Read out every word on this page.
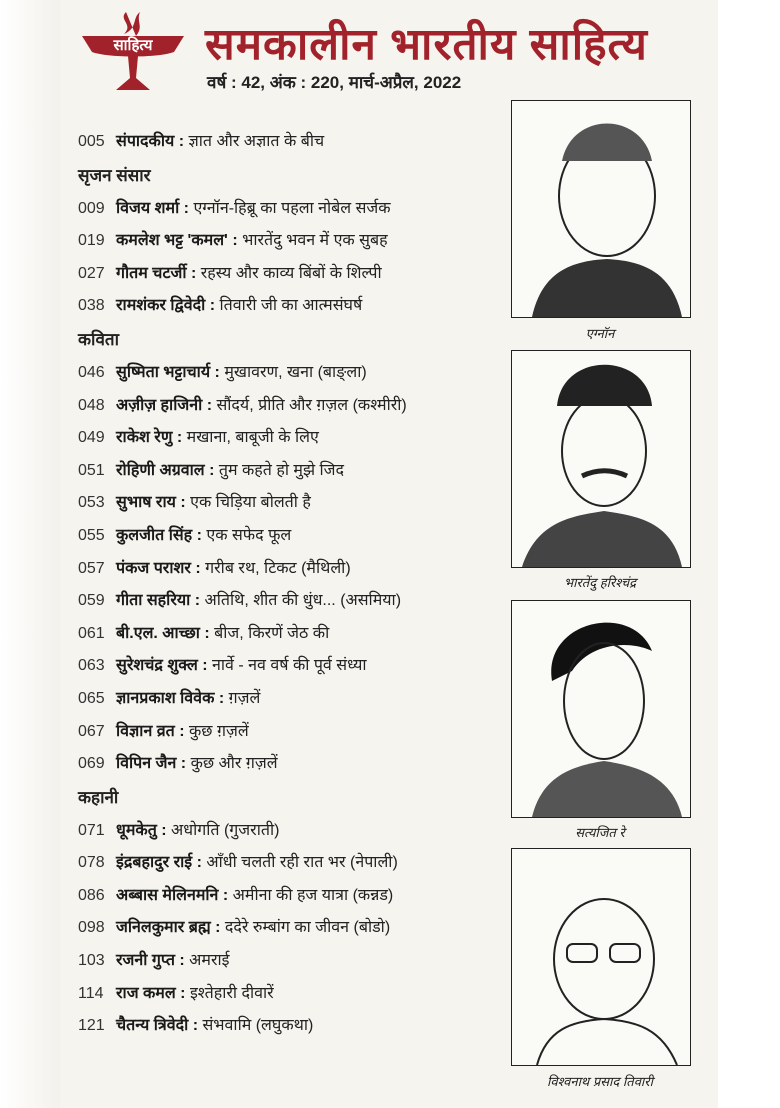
साहित्य समकालीन भारतीय साहित्य
वर्ष : 42, अंक : 220, मार्च-अप्रैल, 2022
005 संपादकीय : ज्ञात और अज्ञात के बीच
सृजन संसार
009 विजय शर्मा : एग्नॉन-हिब्रू का पहला नोबेल सर्जक
019 कमलेश भट्ट 'कमल' : भारतेंदु भवन में एक सुबह
027 गौतम चटर्जी : रहस्य और काव्य बिंबों के शिल्पी
038 रामशंकर द्विवेदी : तिवारी जी का आत्मसंघर्ष
कविता
046 सुष्मिता भट्टाचार्य : मुखावरण, खना (बाङ्ला)
048 अज़ीज़ हाजिनी : सौंदर्य, प्रीति और ग़ज़ल (कश्मीरी)
049 राकेश रेणु : मखाना, बाबूजी के लिए
051 रोहिणी अग्रवाल : तुम कहते हो मुझे जिद
053 सुभाष राय : एक चिड़िया बोलती है
055 कुलजीत सिंह : एक सफेद फूल
057 पंकज पराशर : गरीब रथ, टिकट (मैथिली)
059 गीता सहरिया : अतिथि, शीत की धुंध... (असमिया)
061 बी.एल. आच्छा : बीज, किरणें जेठ की
063 सुरेशचंद्र शुक्ल : नार्वे - नव वर्ष की पूर्व संध्या
065 ज्ञानप्रकाश विवेक : ग़ज़लें
067 विज्ञान व्रत : कुछ ग़ज़लें
069 विपिन जैन : कुछ और ग़ज़लें
कहानी
071 धूमकेतु : अधोगति (गुजराती)
078 इंद्रबहादुर राई : आँधी चलती रही रात भर (नेपाली)
086 अब्बास मेलिनमनि : अमीना की हज यात्रा (कन्नड)
098 जनिलकुमार ब्रह्म : ददेरे रुम्बांग का जीवन (बोडो)
103 रजनी गुप्त : अमराई
114 राज कमल : इश्तेहारी दीवारें
121 चैतन्य त्रिवेदी : संभवामि (लघुकथा)
एग्नॉन
भारतेंदु हरिश्चंद्र
सत्यजित रे
विश्वनाथ प्रसाद तिवारी
